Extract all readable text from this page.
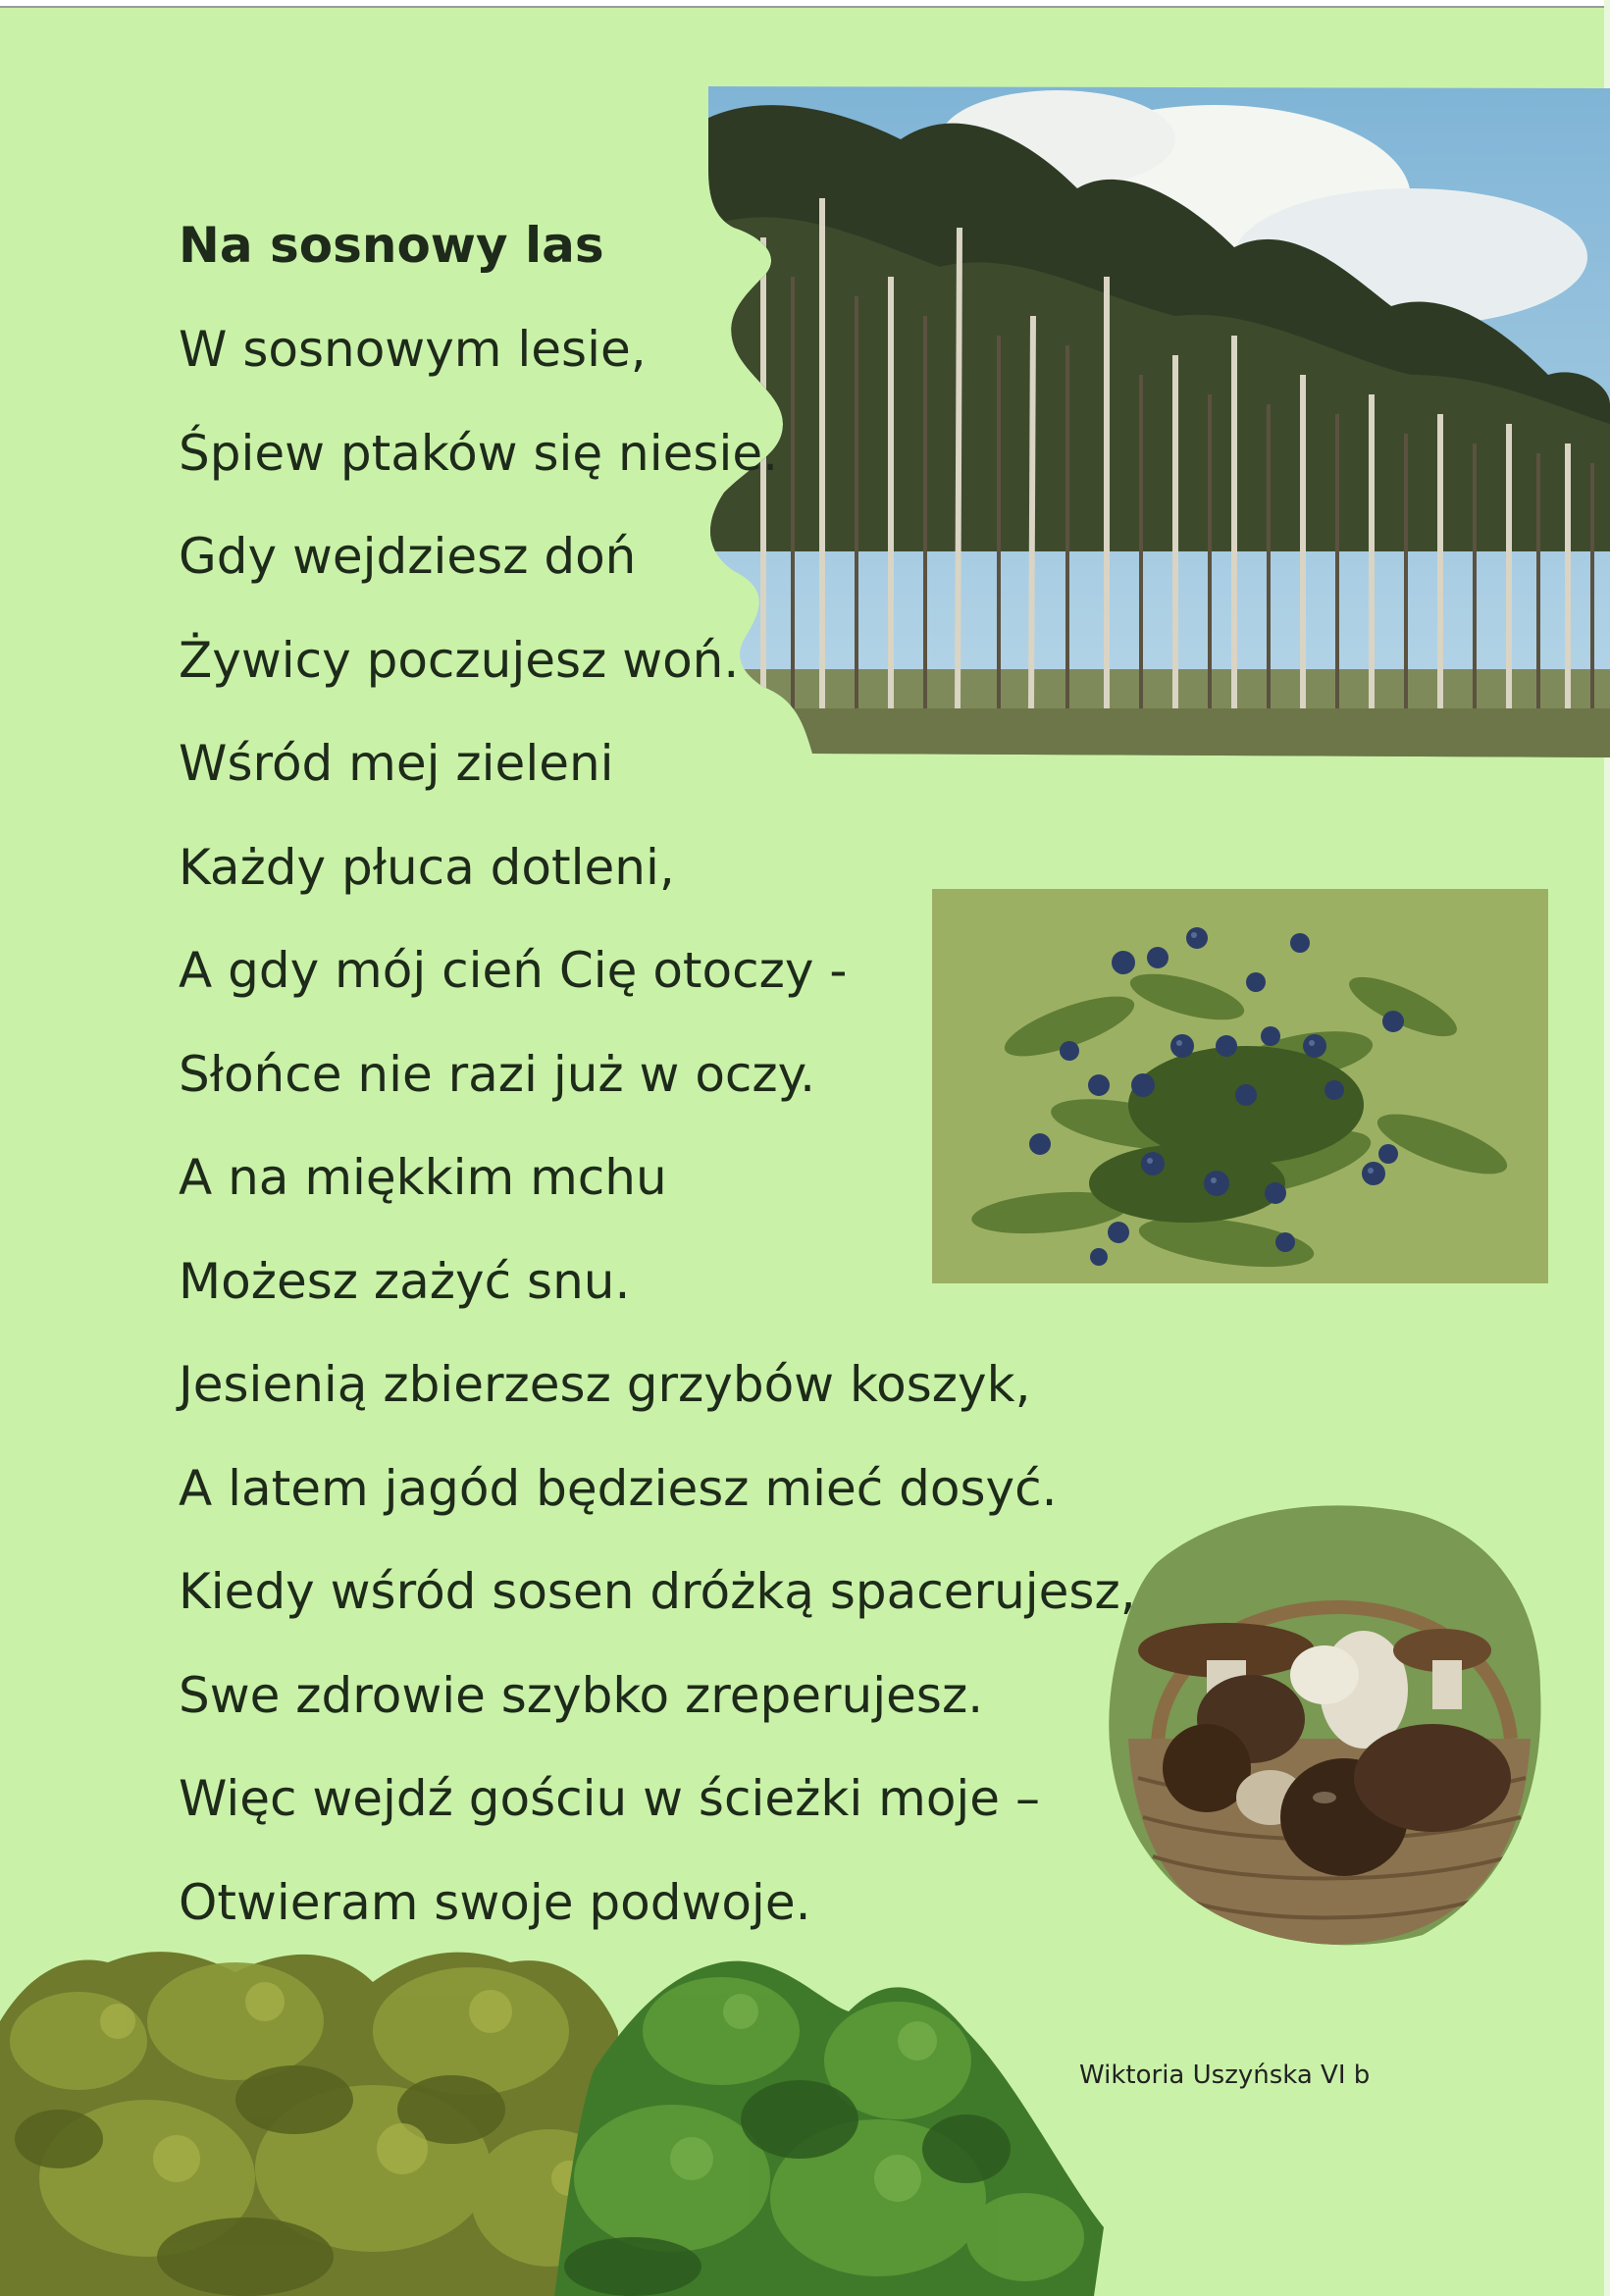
Na sosnowy las

W sosnowym lesie,

Śpiew ptaków się niesie.

Gdy wejdziesz doń

Żywicy poczujesz woń.

Wśród mej zieleni

Każdy płuca dotleni,

A gdy mój cień Cię otoczy -

Słońce nie razi już w oczy.

A na miękkim mchu

Możesz zażyć snu.

Jesienią zbierzesz grzybów koszyk,

A latem jagód będziesz mieć dosyć.

Kiedy wśród sosen dróżką spacerujesz,

Swe zdrowie szybko zreperujesz.

Więc wejdź gościu w ścieżki moje –

Otwieram swoje podwoje.

Wiktoria Uszyńska VI b
